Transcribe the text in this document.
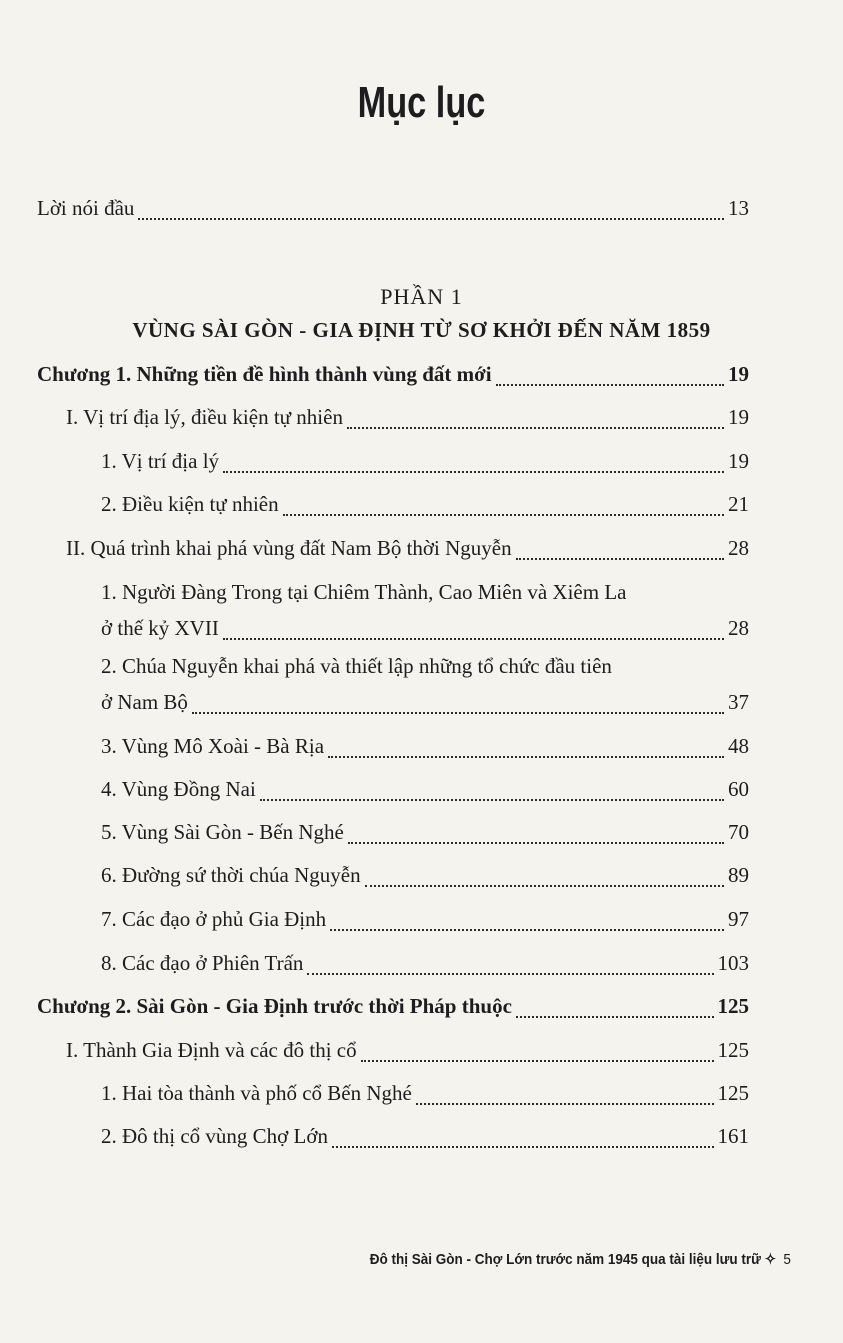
Mục lục
Lời nói đầu	13
PHẦN 1
VÙNG SÀI GÒN - GIA ĐỊNH TỪ SƠ KHỞI ĐẾN NĂM 1859
Chương 1. Những tiền đề hình thành vùng đất mới	19
I. Vị trí địa lý, điều kiện tự nhiên	19
1. Vị trí địa lý	19
2. Điều kiện tự nhiên	21
II. Quá trình khai phá vùng đất Nam Bộ thời Nguyễn	28
1. Người Đàng Trong tại Chiêm Thành, Cao Miên và Xiêm La
ở thế kỷ XVII	28
2. Chúa Nguyễn khai phá và thiết lập những tổ chức đầu tiên
ở Nam Bộ	37
3. Vùng Mô Xoài - Bà Rịa	48
4. Vùng Đồng Nai	60
5. Vùng Sài Gòn - Bến Nghé	70
6. Đường sứ thời chúa Nguyễn	89
7. Các đạo ở phủ Gia Định	97
8. Các đạo ở Phiên Trấn	103
Chương 2. Sài Gòn - Gia Định trước thời Pháp thuộc	125
I. Thành Gia Định và các đô thị cổ	125
1. Hai tòa thành và phố cổ Bến Nghé	125
2. Đô thị cổ vùng Chợ Lớn	161
Đô thị Sài Gòn - Chợ Lớn trước năm 1945 qua tài liệu lưu trữ ✧ 5
